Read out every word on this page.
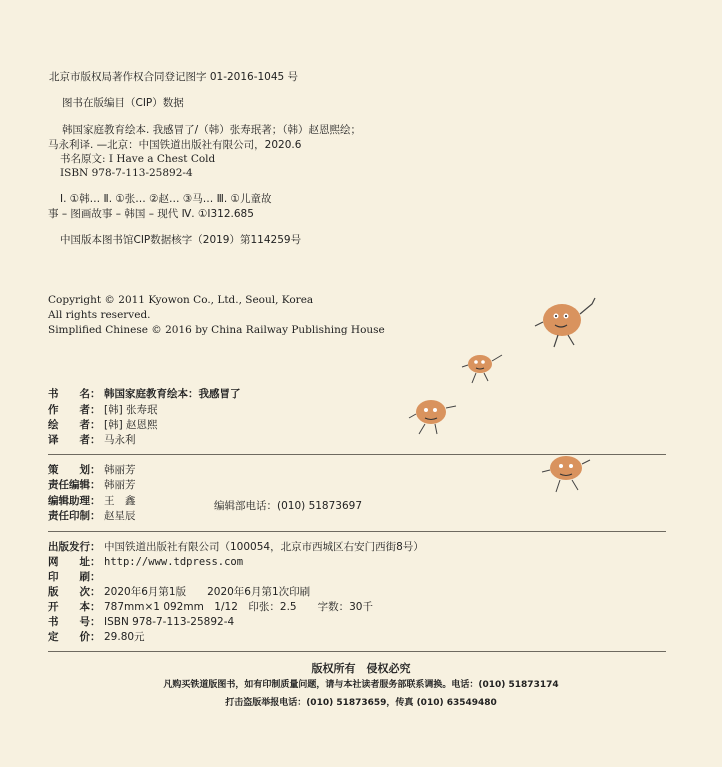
北京市版权局著作权合同登记图字 01-2016-1045 号
图书在版编目（CIP）数据
韩国家庭教育绘本. 我感冒了/（韩）张寿珉著；（韩）赵恩熙绘；
马永利译. —北京：中国铁道出版社有限公司，2020.6
书名原文: I Have a Chest Cold
ISBN 978-7-113-25892-4
Ⅰ. ①韩… Ⅱ. ①张… ②赵… ③马… Ⅲ. ①儿童故
事 – 图画故事 – 韩国 – 现代 Ⅳ. ①I312.685
中国版本图书馆CIP数据核字（2019）第114259号
Copyright © 2011 Kyowon Co., Ltd., Seoul, Korea
All rights reserved.
Simplified Chinese © 2016 by China Railway Publishing House
书　　名： 韩国家庭教育绘本：我感冒了
作　　者： [韩] 张寿珉
绘　　者： [韩] 赵恩熙
译　　者： 马永利
策　　划： 韩丽芳
责任编辑： 韩丽芳
编辑助理： 王　鑫
责任印制： 赵星辰
编辑部电话：(010) 51873697
出版发行： 中国铁道出版社有限公司（100054，北京市西城区右安门西街8号）
网　　址： http://www.tdpress.com
印　　刷：
版　　次： 2020年6月第1版　　2020年6月第1次印刷
开　　本： 787mm×1 092mm　1/12　印张：2.5　　字数：30千
书　　号： ISBN 978-7-113-25892-4
定　　价： 29.80元
版权所有　侵权必究
凡购买铁道版图书，如有印制质量问题，请与本社读者服务部联系调换。电话：(010) 51873174
打击盗版举报电话：(010) 51873659，传真 (010) 63549480
